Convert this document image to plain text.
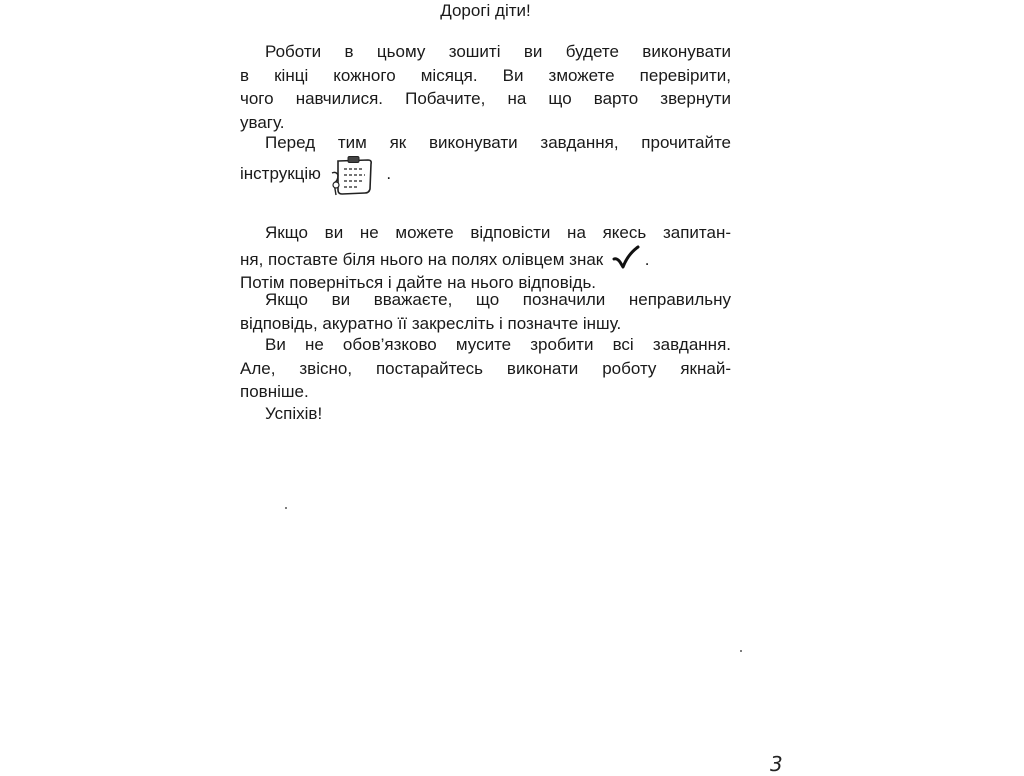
Дорогі діти!
Роботи в цьому зошиті ви будете виконувати
в кінці кожного місяця. Ви зможете перевірити,
чого навчилися. Побачите, на що варто звернути
увагу.
Перед тим як виконувати завдання, прочитайте
інструкцію	.
Якщо ви не можете відповісти на якесь запитан-
ня, поставте біля нього на полях олівцем знак .
Потім поверніться і дайте на нього відповідь.
Якщо ви вважаєте, що позначили неправильну
відповідь, акуратно її закресліть і позначте іншу.
Ви не обов’язково мусите зробити всі завдання.
Але, звісно, постарайтесь виконати роботу якнай-
повніше.
Успіхів!
3
